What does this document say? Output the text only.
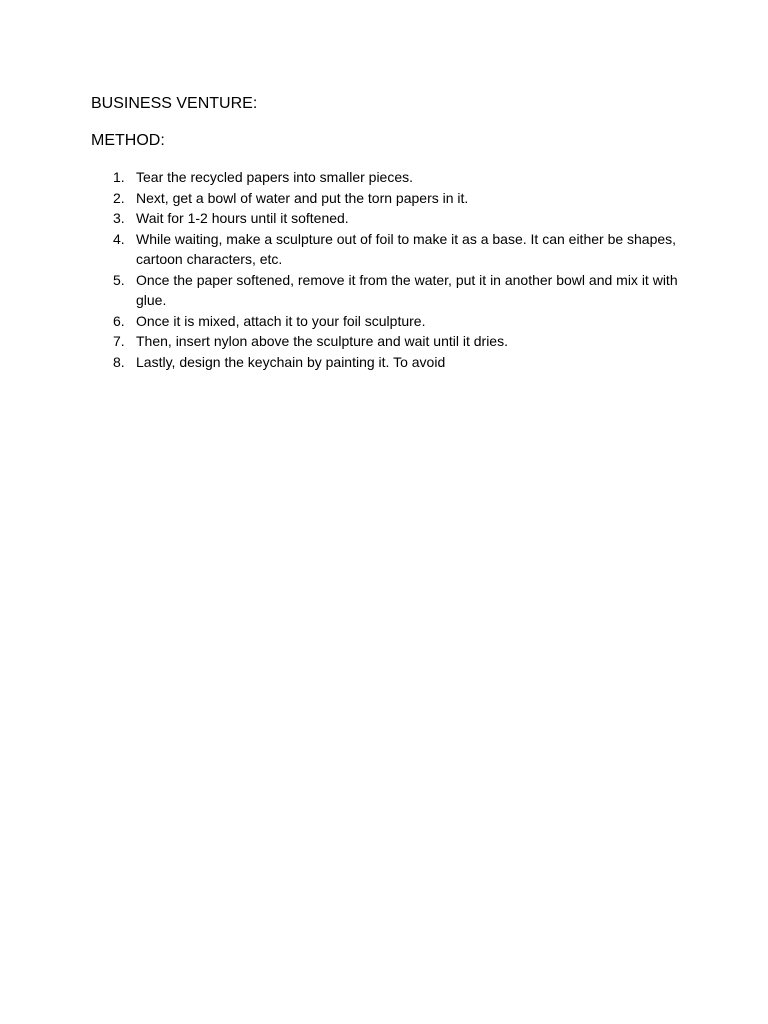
BUSINESS VENTURE:
METHOD:
1. Tear the recycled papers into smaller pieces.
2. Next, get a bowl of water and put the torn papers in it.
3. Wait for 1-2 hours until it softened.
4. While waiting, make a sculpture out of foil to make it as a base. It can either be shapes, cartoon characters, etc.
5. Once the paper softened, remove it from the water, put it in another bowl and mix it with glue.
6. Once it is mixed, attach it to your foil sculpture.
7. Then, insert nylon above the sculpture and wait until it dries.
8. Lastly, design the keychain by painting it. To avoid
